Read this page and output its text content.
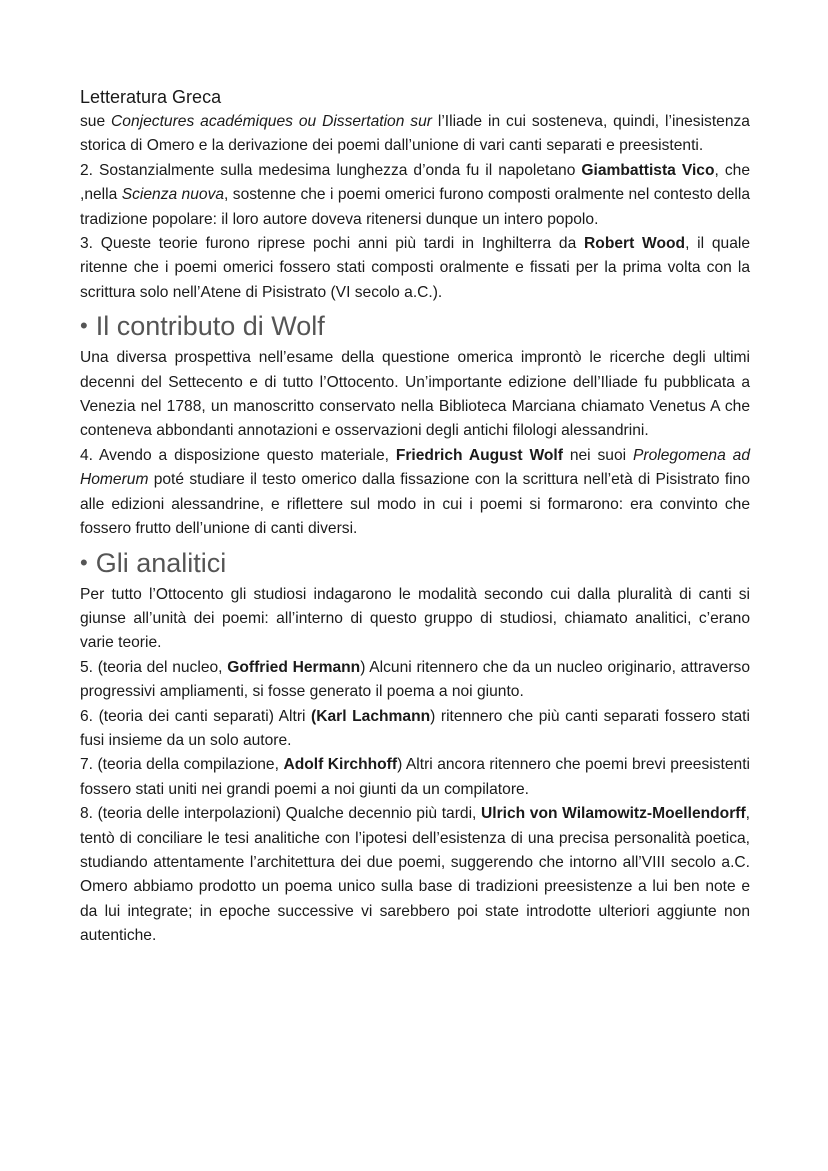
Letteratura Greca

sue Conjectures académiques ou Dissertation sur l’Iliade in cui sosteneva, quindi, l’inesistenza storica di Omero e la derivazione dei poemi dall’unione di vari canti separati e preesistenti.

2. Sostanzialmente sulla medesima lunghezza d’onda fu il napoletano Giambattista Vico, che ,nella Scienza nuova, sostenne che i poemi omerici furono composti oralmente nel contesto della tradizione popolare: il loro autore doveva ritenersi dunque un intero popolo.

3. Queste teorie furono riprese pochi anni più tardi in Inghilterra da Robert Wood, il quale ritenne che i poemi omerici fossero stati composti oralmente e fissati per la prima volta con la scrittura solo nell’Atene di Pisistrato (VI secolo a.C.).

• Il contributo di Wolf

Una diversa prospettiva nell’esame della questione omerica improntò le ricerche degli ultimi decenni del Settecento e di tutto l’Ottocento. Un’importante edizione dell’Iliade fu pubblicata a Venezia nel 1788, un manoscritto conservato nella Biblioteca Marciana chiamato Venetus A che conteneva abbondanti annotazioni e osservazioni degli antichi filologi alessandrini.

4. Avendo a disposizione questo materiale, Friedrich August Wolf nei suoi Prolegomena ad Homerum poté studiare il testo omerico dalla fissazione con la scrittura nell’età di Pisistrato fino alle edizioni alessandrine, e riflettere sul modo in cui i poemi si formarono: era convinto che fossero frutto dell’unione di canti diversi.

• Gli analitici

Per tutto l’Ottocento gli studiosi indagarono le modalità secondo cui dalla pluralità di canti si giunse all’unità dei poemi: all’interno di questo gruppo di studiosi, chiamato analitici, c’erano varie teorie.

5. (teoria del nucleo, Goffried Hermann) Alcuni ritennero che da un nucleo originario, attraverso progressivi ampliamenti, si fosse generato il poema a noi giunto.

6. (teoria dei canti separati) Altri (Karl Lachmann) ritennero che più canti separati fossero stati fusi insieme da un solo autore.

7. (teoria della compilazione, Adolf Kirchhoff) Altri ancora ritennero che poemi brevi preesistenti fossero stati uniti nei grandi poemi a noi giunti da un compilatore.

8. (teoria delle interpolazioni) Qualche decennio più tardi, Ulrich von Wilamowitz-Moellendorff, tentò di conciliare le tesi analitiche con l’ipotesi dell’esistenza di una precisa personalità poetica, studiando attentamente l’architettura dei due poemi, suggerendo che intorno all’VIII secolo a.C. Omero abbiamo prodotto un poema unico sulla base di tradizioni preesistenze a lui ben note e da lui integrate; in epoche successive vi sarebbero poi state introdotte ulteriori aggiunte non autentiche.
